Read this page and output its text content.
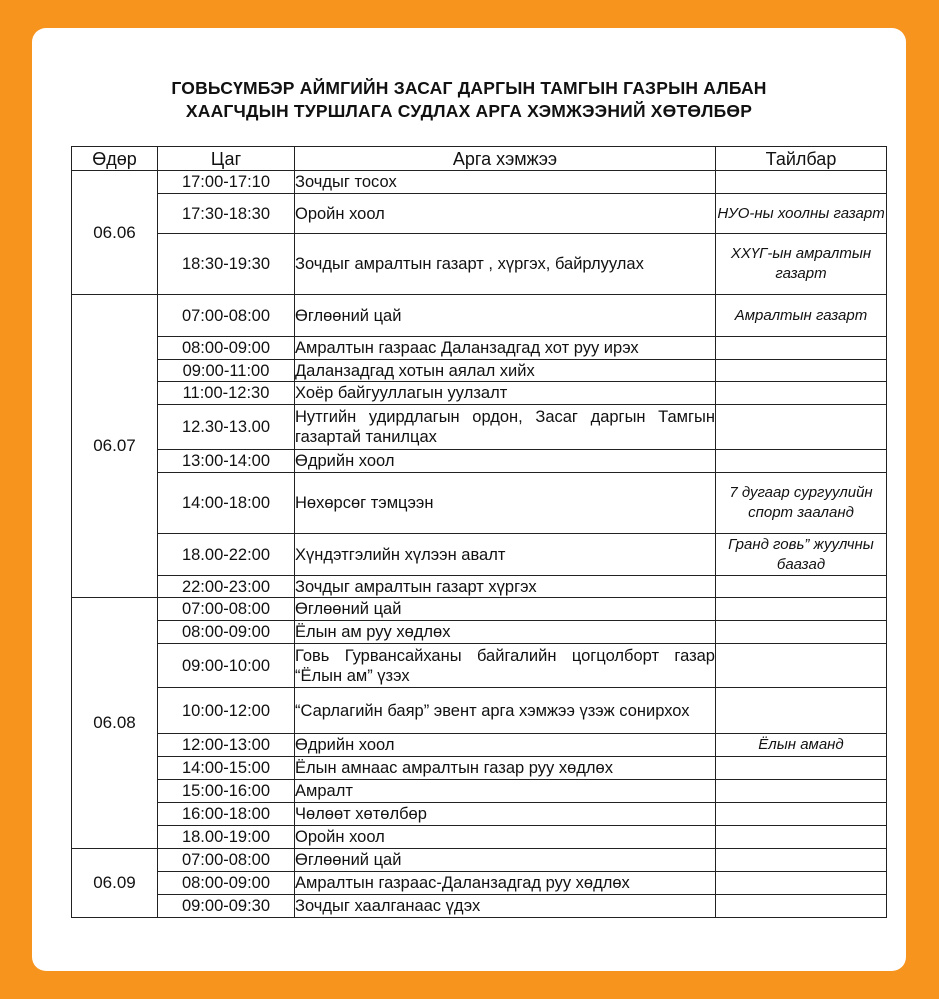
ГОВЬСҮМБЭР АЙМГИЙН ЗАСАГ ДАРГЫН ТАМГЫН ГАЗРЫН АЛБАН
ХААГЧДЫН ТУРШЛАГА СУДЛАХ АРГА ХЭМЖЭЭНИЙ ХӨТӨЛБӨР
Өдөр	Цаг	Арга хэмжээ	Тайлбар
06.06	17:00-17:10	Зочдыг тосох	
	17:30-18:30	Оройн хоол	НУО-ны хоолны газарт
	18:30-19:30	Зочдыг амралтын газарт , хүргэх, байрлуулах	ХХҮГ-ын амралтын газарт
06.07	07:00-08:00	Өглөөний цай	Амралтын газарт
	08:00-09:00	Амралтын газраас Даланзадгад хот руу ирэх	
	09:00-11:00	Даланзадгад хотын аялал хийх	
	11:00-12:30	Хоёр байгууллагын уулзалт	
	12.30-13.00	Нутгийн удирдлагын ордон, Засаг даргын Тамгын газартай танилцах	
	13:00-14:00	Өдрийн хоол	
	14:00-18:00	Нөхөрсөг тэмцээн	7 дугаар сургуулийн спорт зааланд
	18.00-22:00	Хүндэтгэлийн хүлээн авалт	Гранд говь” жуулчны баазад
	22:00-23:00	Зочдыг амралтын газарт хүргэх	
06.08	07:00-08:00	Өглөөний цай	
	08:00-09:00	Ёлын ам руу хөдлөх	
	09:00-10:00	Говь Гурвансайханы байгалийн цогцолборт газар “Ёлын ам” үзэх	
	10:00-12:00	“Сарлагийн баяр” эвент арга хэмжээ үзэж сонирхох	
	12:00-13:00	Өдрийн хоол	Ёлын аманд
	14:00-15:00	Ёлын амнаас амралтын газар руу хөдлөх	
	15:00-16:00	Амралт	
	16:00-18:00	Чөлөөт хөтөлбөр	
	18.00-19:00	Оройн хоол	
06.09	07:00-08:00	Өглөөний цай	
	08:00-09:00	Амралтын газраас-Даланзадгад руу хөдлөх	
	09:00-09:30	Зочдыг хаалганаас үдэх	
